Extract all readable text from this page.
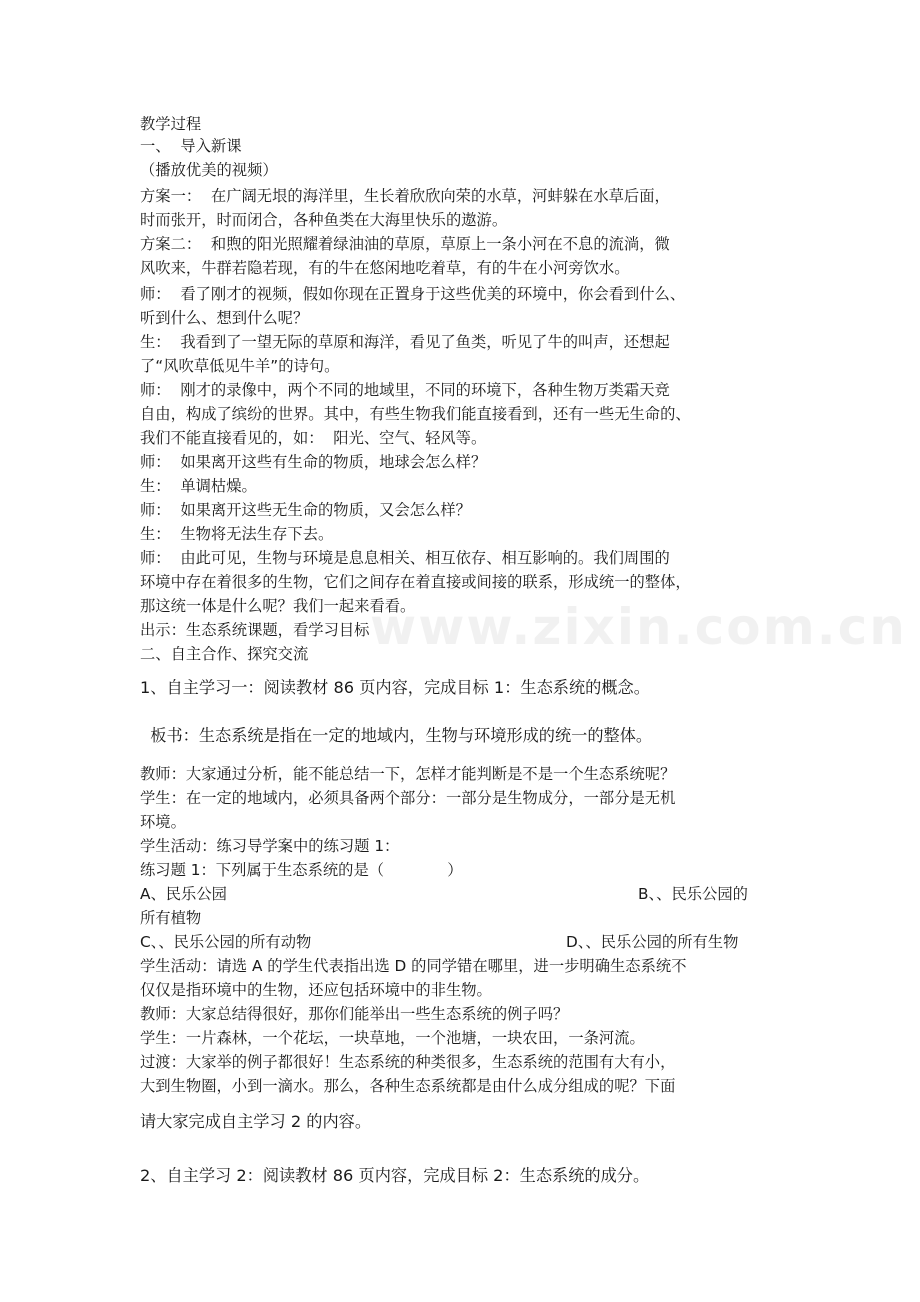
教学过程
一、  导入新课
（播放优美的视频）
方案一：  在广阔无垠的海洋里，生长着欣欣向荣的水草，河蚌躲在水草后面，
时而张开，时而闭合，各种鱼类在大海里快乐的遨游。
方案二：  和煦的阳光照耀着绿油油的草原，草原上一条小河在不息的流淌，微
风吹来，牛群若隐若现，有的牛在悠闲地吃着草，有的牛在小河旁饮水。
师：  看了刚才的视频，假如你现在正置身于这些优美的环境中，你会看到什么、
听到什么、想到什么呢？
生：  我看到了一望无际的草原和海洋，看见了鱼类，听见了牛的叫声，还想起
了“风吹草低见牛羊”的诗句。
师：  刚才的录像中，两个不同的地域里，不同的环境下，各种生物万类霜天竞
自由，构成了缤纷的世界。其中，有些生物我们能直接看到，还有一些无生命的、
我们不能直接看见的，如：  阳光、空气、轻风等。
师：  如果离开这些有生命的物质，地球会怎么样？
生：  单调枯燥。
师：  如果离开这些无生命的物质，又会怎么样？
生：  生物将无法生存下去。
师：  由此可见，生物与环境是息息相关、相互依存、相互影响的。我们周围的
环境中存在着很多的生物，它们之间存在着直接或间接的联系，形成统一的整体，
那这统一体是什么呢？我们一起来看看。
出示：生态系统课题，看学习目标
二、自主合作、探究交流
1、自主学习一：阅读教材 86 页内容，完成目标 1：生态系统的概念。
板书：生态系统是指在一定的地域内，生物与环境形成的统一的整体。
教师：大家通过分析，能不能总结一下，怎样才能判断是不是一个生态系统呢？
学生：在一定的地域内，必须具备两个部分：一部分是生物成分，一部分是无机
环境。
学生活动：练习导学案中的练习题 1：
练习题 1：下列属于生态系统的是（             ）
A、民乐公园	B、、民乐公园的
所有植物
C、、民乐公园的所有动物	D、、民乐公园的所有生物
学生活动：请选 A 的学生代表指出选 D 的同学错在哪里，进一步明确生态系统不
仅仅是指环境中的生物，还应包括环境中的非生物。
教师：大家总结得很好，那你们能举出一些生态系统的例子吗？
学生：一片森林，一个花坛，一块草地，一个池塘，一块农田，一条河流。
过渡：大家举的例子都很好！生态系统的种类很多，生态系统的范围有大有小，
大到生物圈，小到一滴水。那么，各种生态系统都是由什么成分组成的呢？下面
请大家完成自主学习 2 的内容。
2、自主学习 2：阅读教材 86 页内容，完成目标 2：生态系统的成分。
www.zixin.com.cn
